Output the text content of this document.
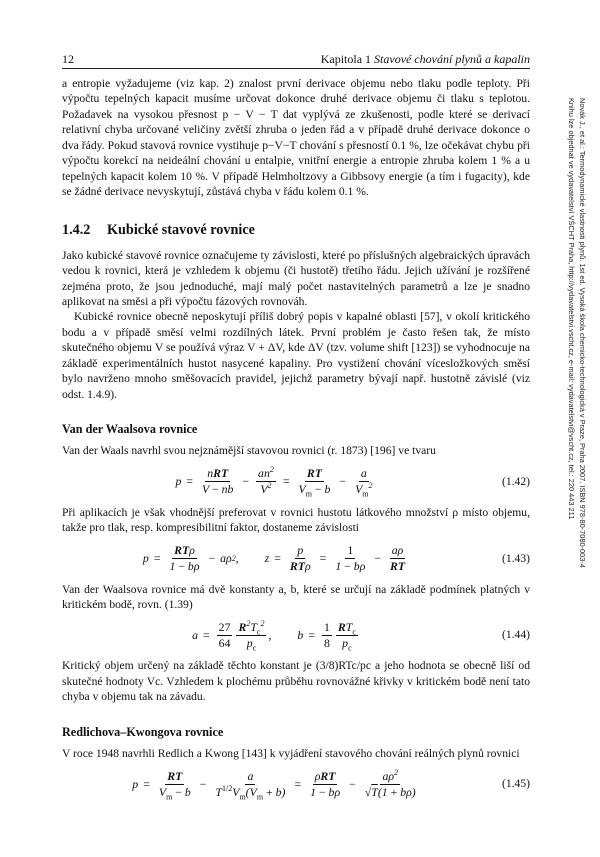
12	Kapitola 1 Stavové chování plynů a kapalin
Novák J., et al.: Termodynamické vlastnosti plynů. 1st ed. Vysoká škola chemicko-technologická v Praze, Praha 2007. ISBN 978-80-7080-003-4
Knihu lze objednat ve vydavatelství VŠCHT Praha, http://vydavatelstvi.vscht.cz, e-mail: vydavatelstvi@vscht.cz, tel.: 220 443 211

a entropie vyžadujeme (viz kap. 2) znalost první derivace objemu nebo tlaku podle teploty. Při výpočtu tepelných kapacit musíme určovat dokonce druhé derivace objemu či tlaku s teplotou. Požadavek na vysokou přesnost p − V − T dat vyplývá ze zkušenosti, podle které se derivací relativní chyba určované veličiny zvětší zhruba o jeden řád a v případě druhé derivace dokonce o dva řády. Pokud stavová rovnice vystihuje p−V−T chování s přesností 0.1 %, lze očekávat chybu při výpočtu korekcí na neideální chování u entalpie, vnitřní energie a entropie zhruba kolem 1 % a u tepelných kapacit kolem 10 %. V případě Helmholtzovy a Gibbsovy energie (a tím i fugacity), kde se žádné derivace nevyskytují, zůstává chyba v řádu kolem 0.1 %.

1.4.2 Kubické stavové rovnice

Jako kubické stavové rovnice označujeme ty závislosti, které po příslušných algebraických úpravách vedou k rovnici, která je vzhledem k objemu (či hustotě) třetího řádu. Jejich užívání je rozšířené zejména proto, že jsou jednoduché, mají malý počet nastavitelných parametrů a lze je snadno aplikovat na směsi a při výpočtu fázových rovnováh.

Kubické rovnice obecně neposkytují příliš dobrý popis v kapalné oblasti [57], v okolí kritického bodu a v případě směsí velmi rozdílných látek. První problém je často řešen tak, že místo skutečného objemu V se používá výraz V + ΔV, kde ΔV (tzv. volume shift [123]) se vyhodnocuje na základě experimentálních hustot nasycené kapaliny. Pro vystižení chování vícesložkových směsí bylo navrženo mnoho směšovacích pravidel, jejichž parametry bývají např. hustotně závislé (viz odst. 1.4.9).

Van der Waalsova rovnice

Van der Waals navrhl svou nejznámější stavovou rovnici (r. 1873) [196] ve tvaru

$p = \frac{\text{nRT}}{V - nb} - \frac{an^2}{V^2} = \frac{RT}{V_m - b} - \frac{a}{V_m^2}$	(1.42)

Při aplikacích je však vhodnější preferovat v rovnici hustotu látkového množství ρ místo objemu, takže pro tlak, resp. kompresibilitní faktor, dostaneme závislosti

$p = \frac{\text{RTρ}}{1 - b\rho} - a\rho$ 2 , $z = \frac{p}{\text{RTρ}} = \frac{1}{1 - b\rho} - \frac{a\rho}{RT}$	(1.43)

Van der Waalsova rovnice má dvě konstanty a, b, které se určují na základě podmínek platných v kritickém bodě, rovn. (1.39)

$a = \frac{27}{64} \frac{R^2T_c^2}{p_c}$ , $b = \frac{1}{8} \frac{RT_c}{p_c}$	(1.44)

Kritický objem určený na základě těchto konstant je (3/8)RTc/pc a jeho hodnota se obecně liší od skutečné hodnoty Vc. Vzhledem k plochému průběhu rovnovážné křivky v kritickém bodě není tato chyba v objemu tak na závadu.

Redlichova–Kwongova rovnice

V roce 1948 navrhli Redlich a Kwong [143] k vyjádření stavového chování reálných plynů rovnici

$p = \frac{RT}{V_m - b} - \frac{a}{T^{1/2}V_m(V_m + b)} = \frac{\text{ρRT}}{1 - b\rho} - \frac{a\rho^2}{√T(1 + b\rho)}$	(1.45)
